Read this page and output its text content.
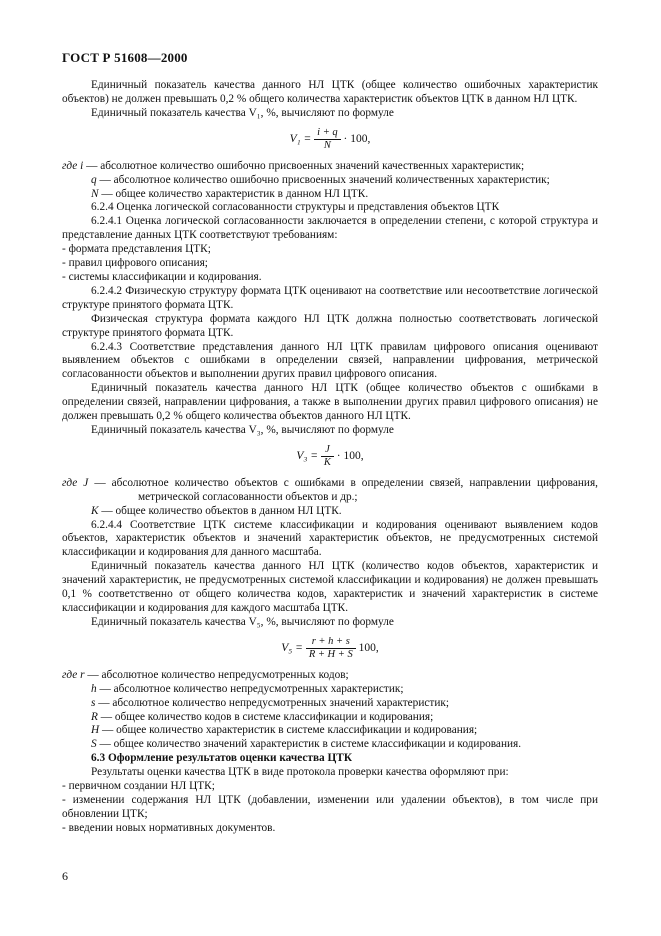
ГОСТ Р 51608—2000

Единичный показатель качества данного НЛ ЦТК (общее количество ошибочных характеристик объектов) не должен превышать 0,2 % общего количества характеристик объектов ЦТК в данном НЛ ЦТК.

Единичный показатель качества V₁, %, вычисляют по формуле

$V_1 = \frac{i + q}{N} \cdot 100$,

где i — абсолютное количество ошибочно присвоенных значений качественных характеристик;

q — абсолютное количество ошибочно присвоенных значений количественных характеристик;

N — общее количество характеристик в данном НЛ ЦТК.

6.2.4 Оценка логической согласованности структуры и представления объектов ЦТК

6.2.4.1 Оценка логической согласованности заключается в определении степени, с которой структура и представление данных ЦТК соответствуют требованиям:

- формата представления ЦТК;

- правил цифрового описания;

- системы классификации и кодирования.

6.2.4.2 Физическую структуру формата ЦТК оценивают на соответствие или несоответствие логической структуре принятого формата ЦТК.

Физическая структура формата каждого НЛ ЦТК должна полностью соответствовать логической структуре принятого формата ЦТК.

6.2.4.3 Соответствие представления данного НЛ ЦТК правилам цифрового описания оценивают выявлением объектов с ошибками в определении связей, направлении цифрования, метрической согласованности объектов и выполнении других правил цифрового описания.

Единичный показатель качества данного НЛ ЦТК (общее количество объектов с ошибками в определении связей, направлении цифрования, а также в выполнении других правил цифрового описания) не должен превышать 0,2 % общего количества объектов данного НЛ ЦТК.

Единичный показатель качества V₃, %, вычисляют по формуле

$V_3 = \frac{J}{K} \cdot 100$,

где J — абсолютное количество объектов с ошибками в определении связей, направлении цифрования, метрической согласованности объектов и др.;

K — общее количество объектов в данном НЛ ЦТК.

6.2.4.4 Соответствие ЦТК системе классификации и кодирования оценивают выявлением кодов объектов, характеристик объектов и значений характеристик объектов, не предусмотренных системой классификации и кодирования для данного масштаба.

Единичный показатель качества данного НЛ ЦТК (количество кодов объектов, характеристик и значений характеристик, не предусмотренных системой классификации и кодирования) не должен превышать 0,1 % соответственно от общего количества кодов, характеристик и значений характеристик в системе классификации и кодирования для каждого масштаба ЦТК.

Единичный показатель качества V₅, %, вычисляют по формуле

$V_5 = \frac{r + h + s}{R + H + S} 100$,

где r — абсолютное количество непредусмотренных кодов;

h — абсолютное количество непредусмотренных характеристик;

s — абсолютное количество непредусмотренных значений характеристик;

R — общее количество кодов в системе классификации и кодирования;

H — общее количество характеристик в системе классификации и кодирования;

S — общее количество значений характеристик в системе классификации и кодирования.

6.3 Оформление результатов оценки качества ЦТК

Результаты оценки качества ЦТК в виде протокола проверки качества оформляют при:

- первичном создании НЛ ЦТК;

- изменении содержания НЛ ЦТК (добавлении, изменении или удалении объектов), в том числе при обновлении ЦТК;

- введении новых нормативных документов.

6
